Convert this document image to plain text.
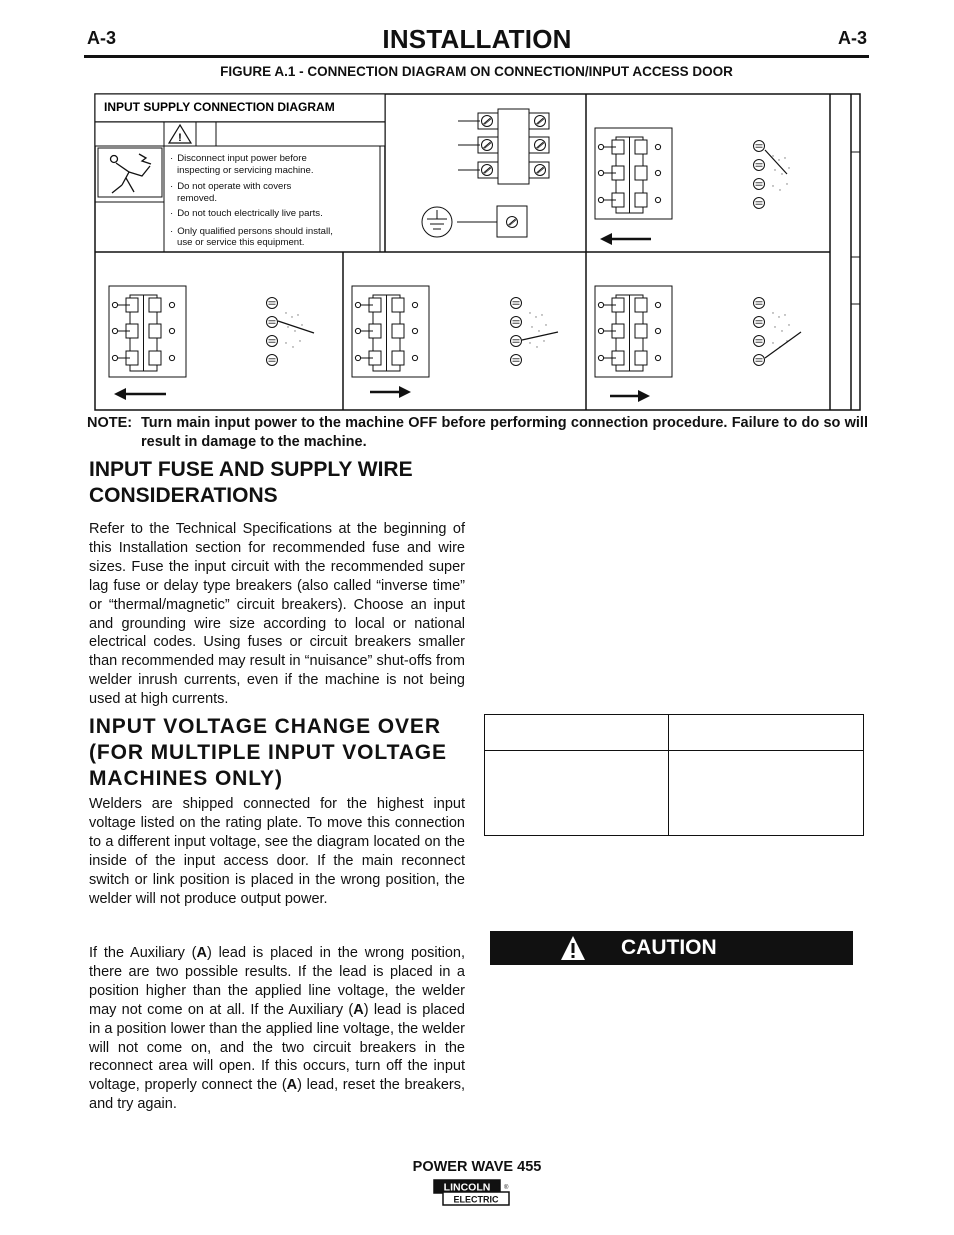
A-3	A-3
INSTALLATION
FIGURE A.1 - CONNECTION DIAGRAM ON CONNECTION/INPUT ACCESS DOOR
INPUT SUPPLY CONNECTION DIAGRAM
!
· Disconnect input power before
inspecting or servicing machine.
· Do not operate with covers
removed.
· Do not touch electrically live parts.
· Only qualified persons should install,
use or service this equipment.
NOTE: Turn main input power to the machine OFF before performing connection procedure. Failure to do so will result in damage to the machine.
INPUT FUSE AND SUPPLY WIRE CONSIDERATIONS
Refer to the Technical Specifications at the beginning of this Installation section for recommended fuse and wire sizes. Fuse the input circuit with the recommended super lag fuse or delay type breakers (also called “inverse time” or “thermal/magnetic” circuit breakers). Choose an input and grounding wire size according to local or national electrical codes. Using fuses or circuit breakers smaller than recommended may result in “nuisance” shut-offs from welder inrush currents, even if the machine is not being used at high currents.
INPUT VOLTAGE CHANGE OVER (FOR MULTIPLE INPUT VOLTAGE MACHINES ONLY)
Welders are shipped connected for the highest input voltage listed on the rating plate. To move this connection to a different input voltage, see the diagram located on the inside of the input access door. If the main reconnect switch or link position is placed in the wrong position, the welder will not produce output power.
If the Auxiliary (A) lead is placed in the wrong position, there are two possible results. If the lead is placed in a position higher than the applied line voltage, the welder may not come on at all. If the Auxiliary (A) lead is placed in a position lower than the applied line voltage, the welder will not come on, and the two circuit breakers in the reconnect area will open. If this occurs, turn off the input voltage, properly connect the (A) lead, reset the breakers, and try again.
CAUTION
POWER WAVE 455
LINCOLN
ELECTRIC
®
